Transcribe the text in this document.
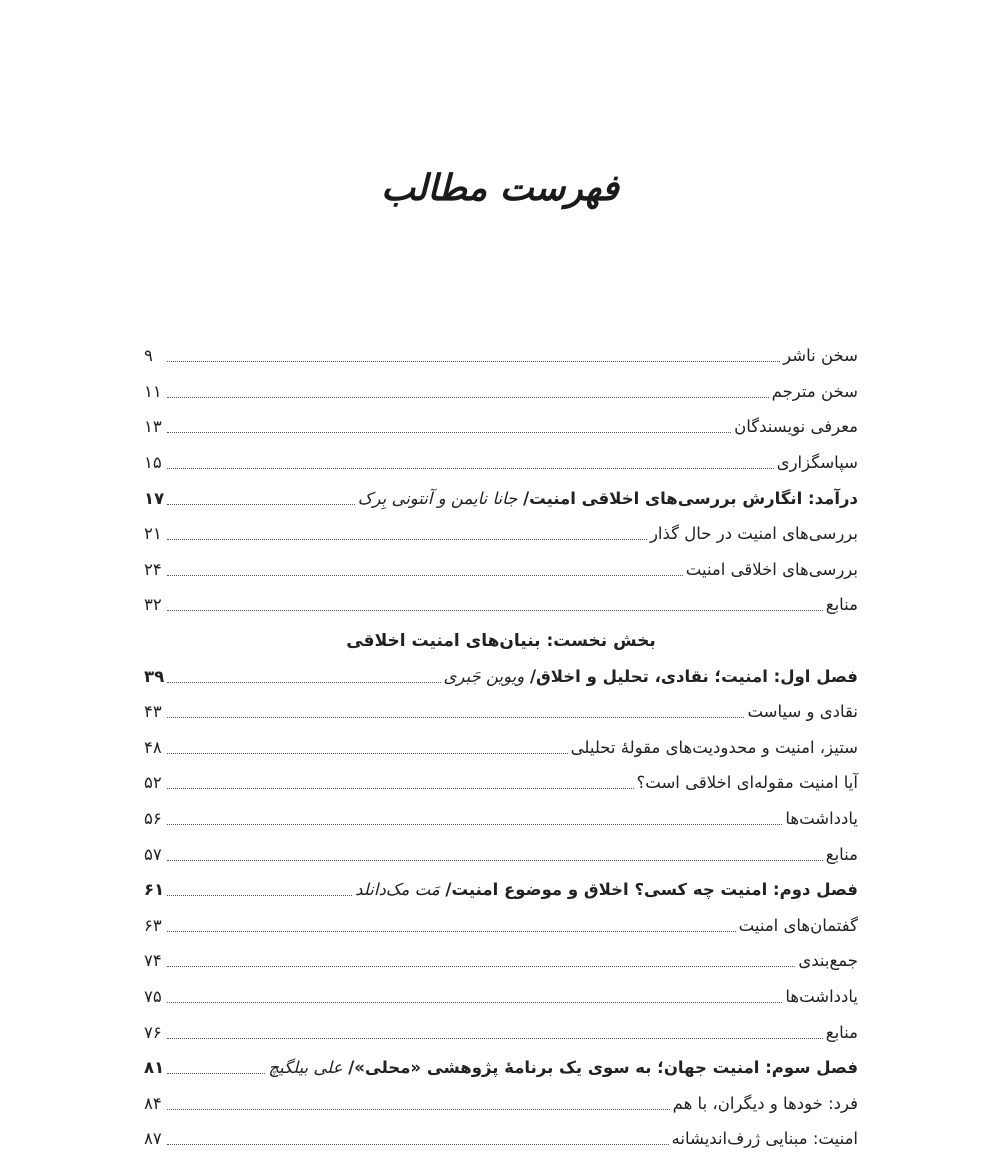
فهرست مطالب
سخن ناشر
۹
سخن مترجم
۱۱
معرفی نویسندگان
۱۳
سپاسگزاری
۱۵
درآمد: انگارش بررسی‌های اخلاقی امنیت/ جانا نایمن و آنتونی بِرک
۱۷
بررسی‌های امنیت در حال گذار
۲۱
بررسی‌های اخلاقی امنیت
۲۴
منابع
۳۲
بخش نخست: بنیان‌های امنیت اخلاقی
فصل اول: امنیت؛ نقادی، تحلیل و اخلاق/ ویوین جَبری
۳۹
نقادی و سیاست
۴۳
ستیز، امنیت و محدودیت‌های مقولۀ تحلیلی
۴۸
آیا امنیت مقوله‌ای اخلاقی است؟
۵۲
یادداشت‌ها
۵۶
منابع
۵۷
فصل دوم: امنیت چه کسی؟ اخلاق و موضوع امنیت/ مَت مک‌دانلد
۶۱
گفتمان‌های امنیت
۶۳
جمع‌بندی
۷۴
یادداشت‌ها
۷۵
منابع
۷۶
فصل سوم: امنیت جهان؛ به سوی یک برنامۀ پژوهشی «محلی»/ علی بیلگیچ
۸۱
فرد: خودها و دیگران، با هم
۸۴
امنیت: مبنایی ژرف‌اندیشانه
۸۷
